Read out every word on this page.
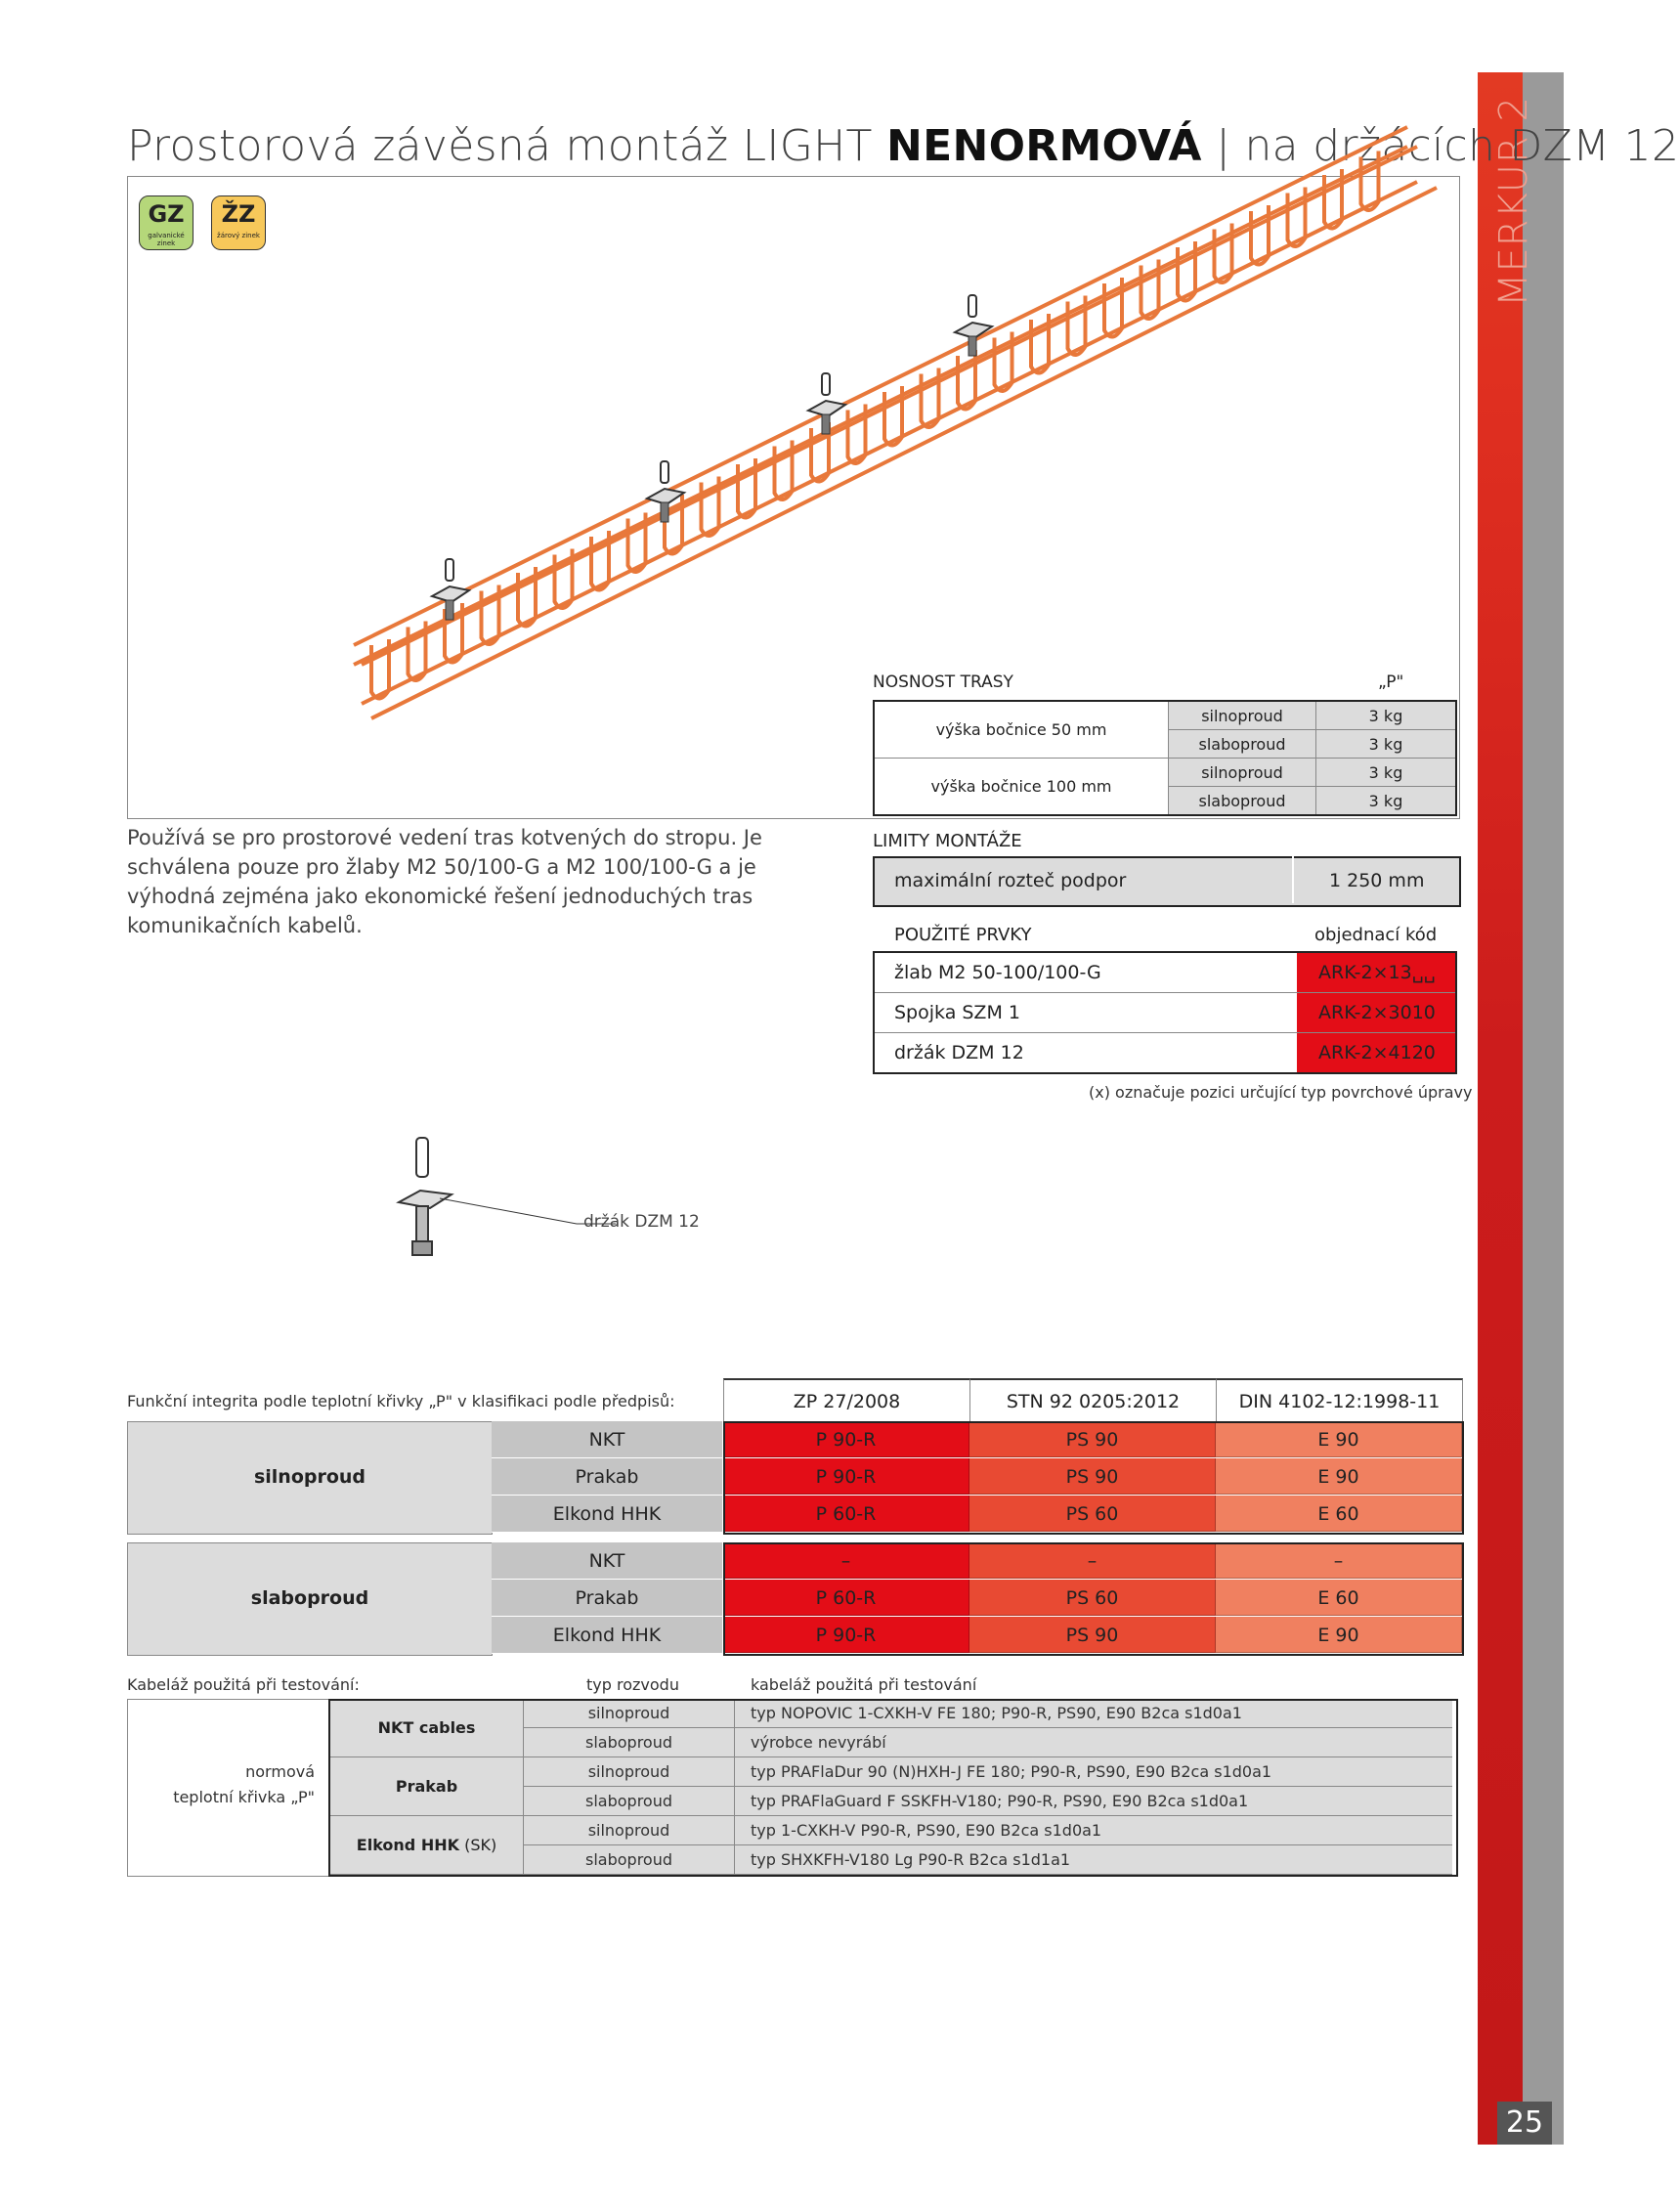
MERKUR 2
25
Prostorová závěsná montáž LIGHT NENORMOVÁ | na držácích DZM 12
GZ
galvanické zinek
ŽZ
žárový zinek
NOSNOST TRASY	„P"
výška bočnice 50 mm	silnoproud	3 kg
	slaboproud	3 kg
výška bočnice 100 mm	silnoproud	3 kg
	slaboproud	3 kg
Používá se pro prostorové vedení tras kotvených do stropu. Je schválena pouze pro žlaby M2 50/100-G a M2 100/100-G a je výhodná zejména jako ekonomické řešení jednoduchých tras komunikačních kabelů.
LIMITY MONTÁŽE
maximální rozteč podpor	1 250 mm
POUŽITÉ PRVKY	objednací kód
žlab M2 50-100/100-G	ARK-2×13␣␣
Spojka SZM 1	ARK-2×3010
držák DZM 12	ARK-2×4120
(x) označuje pozici určující typ povrchové úpravy
držák DZM 12
Funkční integrita podle teplotní křivky „P" v klasifikaci podle předpisů:	ZP 27/2008	STN 92 0205:2012	DIN 4102-12:1998-11
silnoproud
NKT	P 90-R	PS 90	E 90
Prakab	P 90-R	PS 90	E 90
Elkond HHK	P 60-R	PS 60	E 60
slaboproud
NKT	–	–	–
Prakab	P 60-R	PS 60	E 60
Elkond HHK	P 90-R	PS 90	E 90
Kabeláž použitá při testování:	typ rozvodu	kabeláž použitá při testování
normová
teplotní křivka „P"
NKT cables
silnoproud	typ NOPOVIC 1-CXKH-V FE 180; P90-R, PS90, E90 B2ca s1d0a1
slaboproud	výrobce nevyrábí
Prakab
silnoproud	typ PRAFlaDur 90 (N)HXH-J FE 180; P90-R, PS90, E90 B2ca s1d0a1
slaboproud	typ PRAFlaGuard F SSKFH-V180; P90-R, PS90, E90 B2ca s1d0a1
Elkond HHK (SK)
silnoproud	typ 1-CXKH-V P90-R, PS90, E90 B2ca s1d0a1
slaboproud	typ SHXKFH-V180 Lg P90-R B2ca s1d1a1
